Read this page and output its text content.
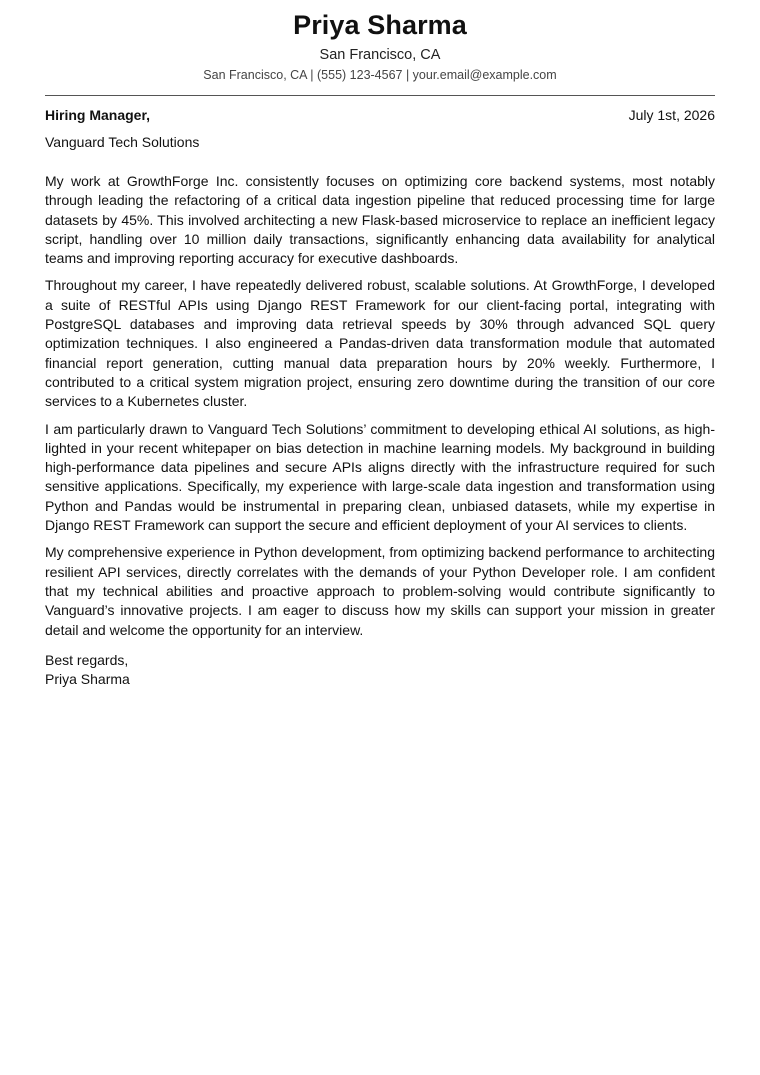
Priya Sharma
San Francisco, CA
San Francisco, CA | (555) 123-4567 | your.email@example.com
Hiring Manager,	July 1st, 2026
Vanguard Tech Solutions

My work at GrowthForge Inc. consistently focuses on optimizing core backend systems, most notably through leading the refactoring of a critical data ingestion pipeline that reduced processing time for large datasets by 45%. This involved architecting a new Flask-based microservice to replace an inefficient legacy script, handling over 10 million daily transactions, significantly enhancing data availability for analytical teams and improving reporting accuracy for executive dashboards.

Throughout my career, I have repeatedly delivered robust, scalable solutions. At GrowthForge, I developed a suite of RESTful APIs using Django REST Framework for our client-facing portal, integrating with PostgreSQL databases and improving data retrieval speeds by 30% through advanced SQL query optimization techniques. I also engineered a Pandas-driven data transformation module that automated financial report generation, cutting manual data preparation hours by 20% weekly. Furthermore, I contributed to a critical system migration project, ensuring zero downtime during the transition of our core services to a Kubernetes cluster.

I am particularly drawn to Vanguard Tech Solutions’ commitment to developing ethical AI solutions, as highlighted in your recent whitepaper on bias detection in machine learning models. My background in building high-performance data pipelines and secure APIs aligns directly with the infrastructure required for such sensitive applications. Specifically, my experience with large-scale data ingestion and transformation using Python and Pandas would be instrumental in preparing clean, unbiased datasets, while my expertise in Django REST Framework can support the secure and efficient deployment of your AI services to clients.

My comprehensive experience in Python development, from optimizing backend performance to architecting resilient API services, directly correlates with the demands of your Python Developer role. I am confident that my technical abilities and proactive approach to problem-solving would contribute significantly to Vanguard’s innovative projects. I am eager to discuss how my skills can support your mission in greater detail and welcome the opportunity for an interview.

Best regards,
Priya Sharma
